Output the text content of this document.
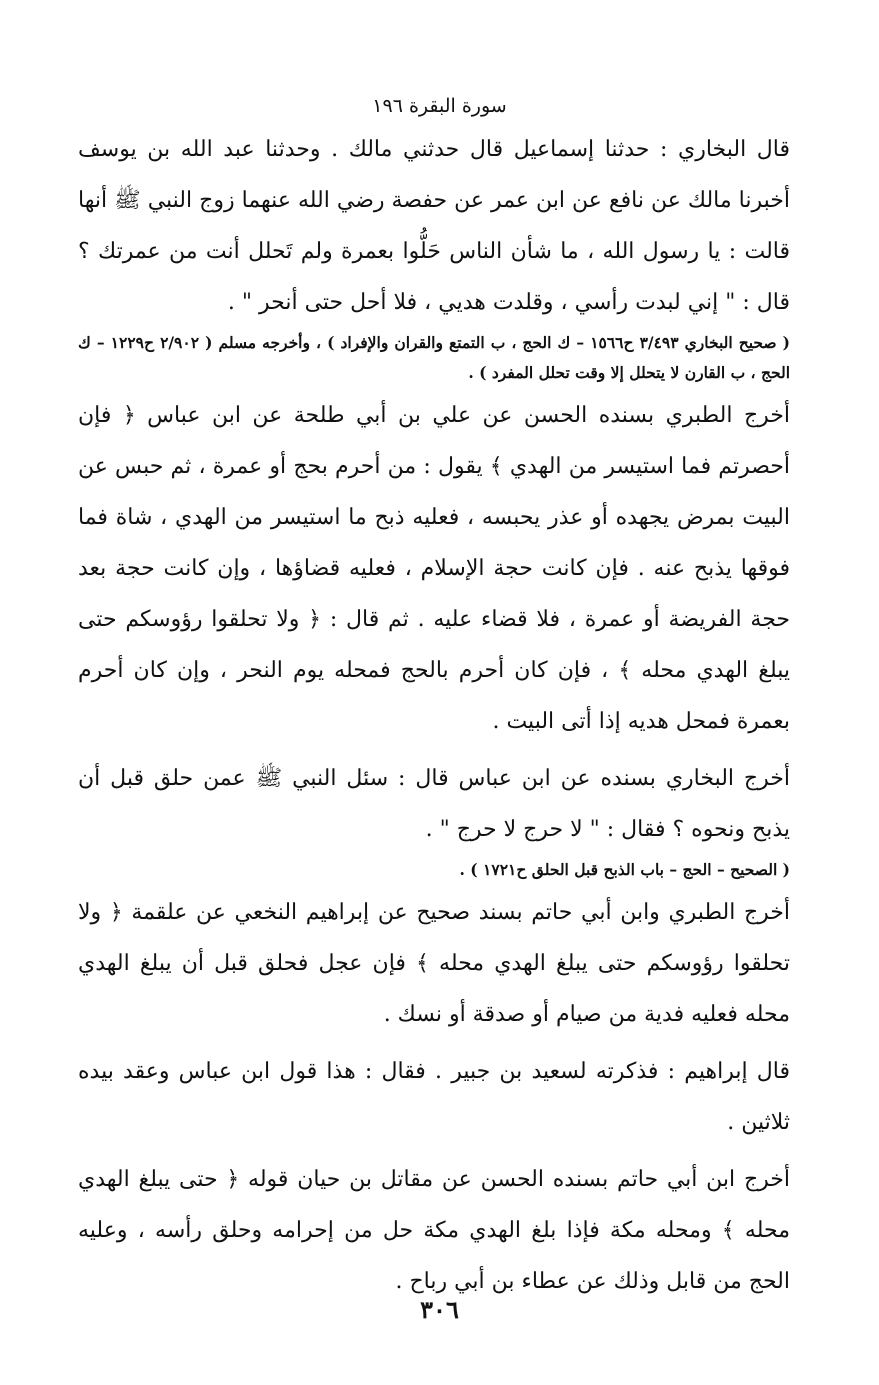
سورة البقرة ١٩٦

قال البخاري : حدثنا إسماعيل قال حدثني مالك . وحدثنا عبد الله بن يوسف أخبرنا مالك عن نافع عن ابن عمر عن حفصة رضي الله عنهما زوج النبي ﷺ أنها قالت : يا رسول الله ، ما شأن الناس حَلُّوا بعمرة ولم تَحلل أنت من عمرتك ؟ قال : " إني لبدت رأسي ، وقلدت هديي ، فلا أحل حتى أنحر " .

( صحيح البخاري ٣/٤٩٣ ح١٥٦٦ – ك الحج ، ب التمتع والقران والإفراد ) ، وأخرجه مسلم ( ٢/٩٠٢ ح١٢٢٩ – ك الحج ، ب القارن لا يتحلل إلا وقت تحلل المفرد ) .

أخرج الطبري بسنده الحسن عن علي بن أبي طلحة عن ابن عباس ﴿ فإن أحصرتم فما استيسر من الهدي ﴾ يقول : من أحرم بحج أو عمرة ، ثم حبس عن البيت بمرض يجهده أو عذر يحبسه ، فعليه ذبح ما استيسر من الهدي ، شاة فما فوقها يذبح عنه . فإن كانت حجة الإسلام ، فعليه قضاؤها ، وإن كانت حجة بعد حجة الفريضة أو عمرة ، فلا قضاء عليه . ثم قال : ﴿ ولا تحلقوا رؤوسكم حتى يبلغ الهدي محله ﴾ ، فإن كان أحرم بالحج فمحله يوم النحر ، وإن كان أحرم بعمرة فمحل هديه إذا أتى البيت .

أخرج البخاري بسنده عن ابن عباس قال : سئل النبي ﷺ عمن حلق قبل أن يذبح ونحوه ؟ فقال : " لا حرج لا حرج " .

( الصحيح – الحج – باب الذبح قبل الحلق ح١٧٢١ ) .

أخرج الطبري وابن أبي حاتم بسند صحيح عن إبراهيم النخعي عن علقمة ﴿ ولا تحلقوا رؤوسكم حتى يبلغ الهدي محله ﴾ فإن عجل فحلق قبل أن يبلغ الهدي محله فعليه فدية من صيام أو صدقة أو نسك .

قال إبراهيم : فذكرته لسعيد بن جبير . فقال : هذا قول ابن عباس وعقد بيده ثلاثين .

أخرج ابن أبي حاتم بسنده الحسن عن مقاتل بن حيان قوله ﴿ حتى يبلغ الهدي محله ﴾ ومحله مكة فإذا بلغ الهدي مكة حل من إحرامه وحلق رأسه ، وعليه الحج من قابل وذلك عن عطاء بن أبي رباح .

٣٠٦
